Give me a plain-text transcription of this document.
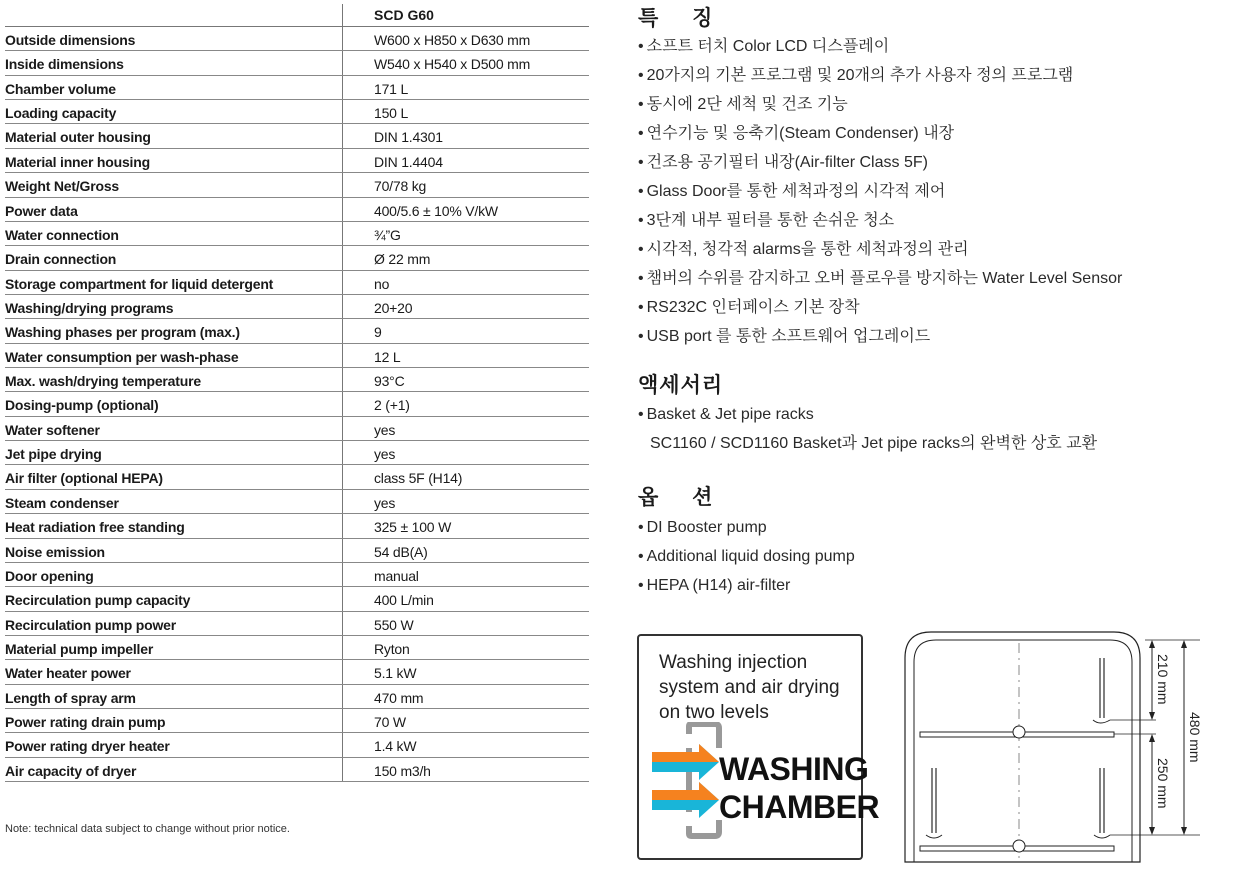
SCD G60
Outside dimensions	W600 x H850 x D630 mm
Inside dimensions	W540 x H540 x D500 mm
Chamber volume	171 L
Loading capacity	150 L
Material outer housing	DIN 1.4301
Material inner housing	DIN 1.4404
Weight Net/Gross	70/78 kg
Power data	400/5.6 ± 10% V/kW
Water connection	¾”G
Drain connection	Ø 22 mm
Storage compartment for liquid detergent	no
Washing/drying programs	20+20
Washing phases per program (max.)	9
Water consumption per wash-phase	12 L
Max. wash/drying temperature	93°C
Dosing-pump (optional)	2 (+1)
Water softener	yes
Jet pipe drying	yes
Air filter (optional HEPA)	class 5F (H14)
Steam condenser	yes
Heat radiation free standing	325 ± 100 W
Noise emission	54 dB(A)
Door opening	manual
Recirculation pump capacity	400 L/min
Recirculation pump power	550 W
Material pump impeller	Ryton
Water heater power	5.1 kW
Length of spray arm	470 mm
Power rating drain pump	70 W
Power rating dryer heater	1.4 kW
Air capacity of dryer	150 m3/h
Note: technical data subject to change without prior notice.
특 징

• 소프트 터치 Color LCD 디스플레이

• 20가지의 기본 프로그램 및 20개의 추가 사용자 정의 프로그램

• 동시에 2단 세척 및 건조 기능

• 연수기능 및 응축기(Steam Condenser) 내장

• 건조용 공기필터 내장(Air-filter Class 5F)

• Glass Door를 통한 세척과정의 시각적 제어

• 3단계 내부 필터를 통한 손쉬운 청소

• 시각적, 청각적 alarms을 통한 세척과정의 관리

• 챔버의 수위를 감지하고 오버 플로우를 방지하는 Water Level Sensor

• RS232C 인터페이스 기본 장착

• USB port 를 통한 소프트웨어 업그레이드

액세서리

• Basket & Jet pipe racks

SC1160 / SCD1160 Basket과 Jet pipe racks의 완벽한 상호 교환
옵 션

• DI Booster pump

• Additional liquid dosing pump

• HEPA (H14) air-filter

Washing injection
system and air drying
on two levels
WASHING
CHAMBER
210 mm
250 mm
480 mm
